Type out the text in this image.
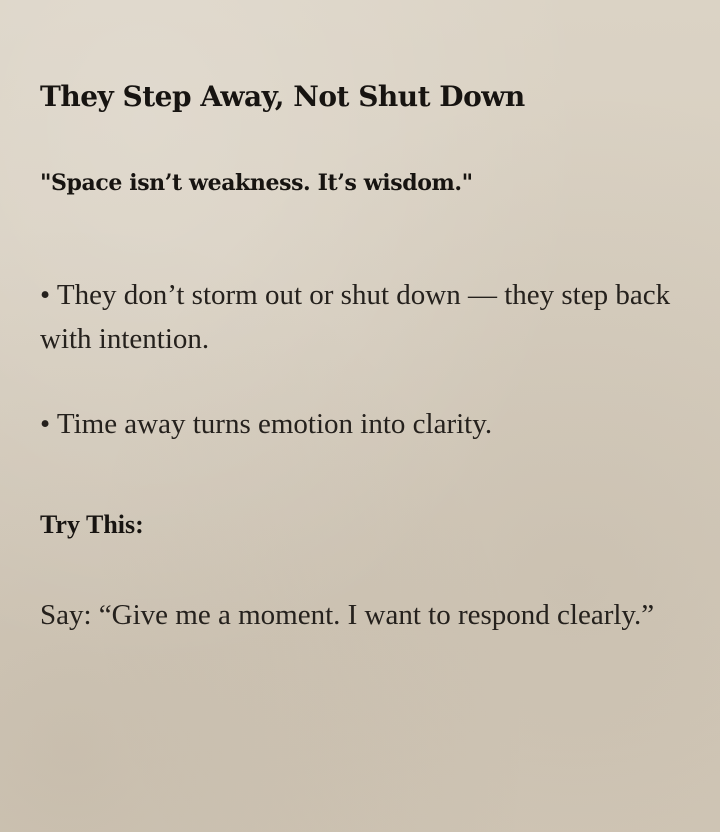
They Step Away, Not Shut Down

"Space isn’t weakness. It’s wisdom."

• They don’t storm out or shut down — they step back with intention.

• Time away turns emotion into clarity.

Try This:

Say: “Give me a moment. I want to respond clearly.”
